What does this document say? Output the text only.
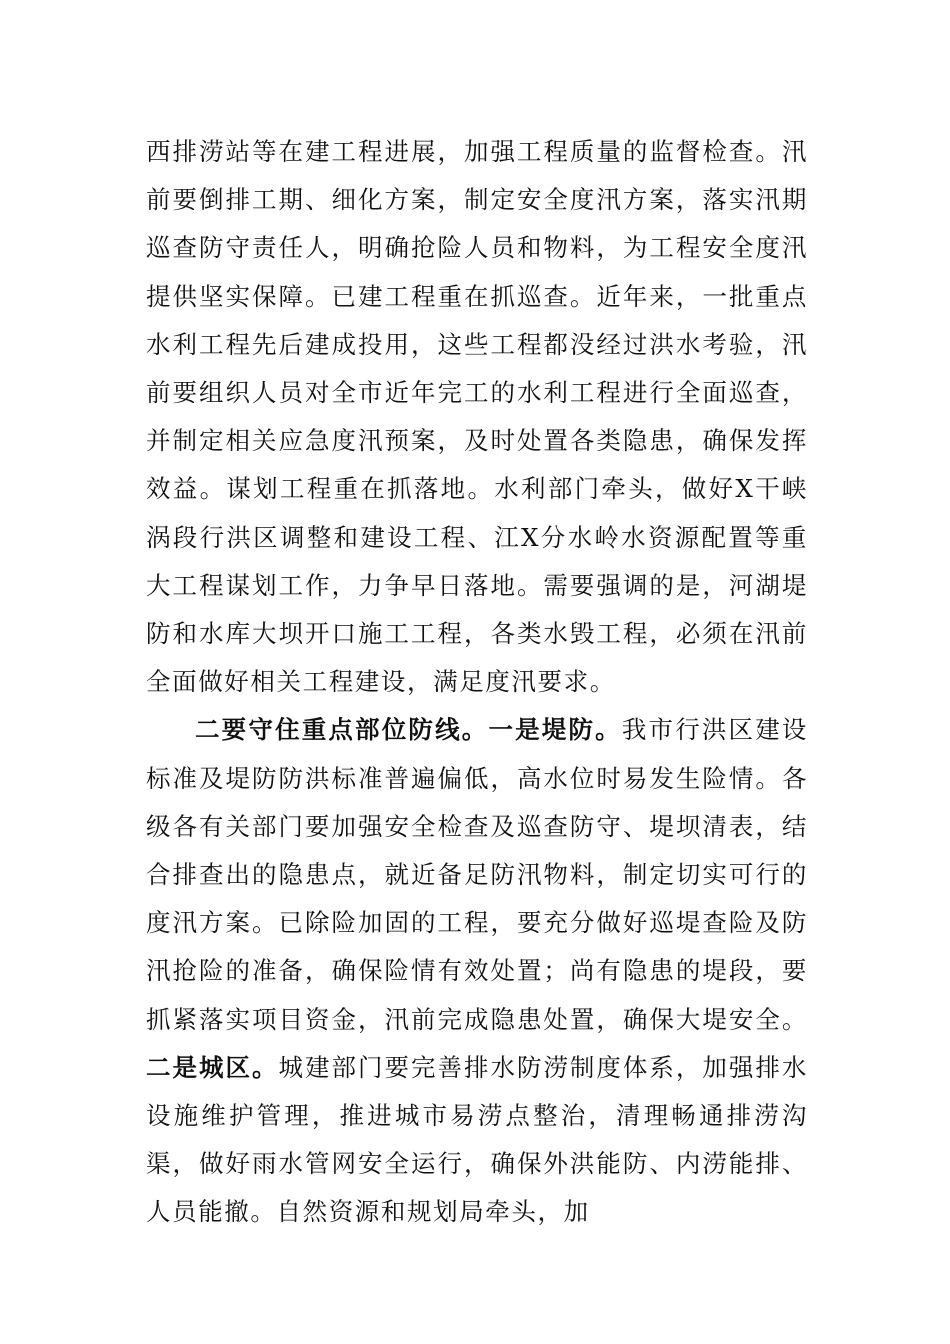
西排涝站等在建工程进展，加强工程质量的监督检查。汛前要倒排工期、细化方案，制定安全度汛方案，落实汛期巡查防守责任人，明确抢险人员和物料，为工程安全度汛提供坚实保障。已建工程重在抓巡查。近年来，一批重点水利工程先后建成投用，这些工程都没经过洪水考验，汛前要组织人员对全市近年完工的水利工程进行全面巡查，并制定相关应急度汛预案，及时处置各类隐患，确保发挥效益。谋划工程重在抓落地。水利部门牵头，做好X干峡涡段行洪区调整和建设工程、江X分水岭水资源配置等重大工程谋划工作，力争早日落地。需要强调的是，河湖堤防和水库大坝开口施工工程，各类水毁工程，必须在汛前全面做好相关工程建设，满足度汛要求。

二要守住重点部位防线。一是堤防。我市行洪区建设标准及堤防防洪标准普遍偏低，高水位时易发生险情。各级各有关部门要加强安全检查及巡查防守、堤坝清表，结合排查出的隐患点，就近备足防汛物料，制定切实可行的度汛方案。已除险加固的工程，要充分做好巡堤查险及防汛抢险的准备，确保险情有效处置；尚有隐患的堤段，要抓紧落实项目资金，汛前完成隐患处置，确保大堤安全。二是城区。城建部门要完善排水防涝制度体系，加强排水设施维护管理，推进城市易涝点整治，清理畅通排涝沟渠，做好雨水管网安全运行，确保外洪能防、内涝能排、人员能撤。自然资源和规划局牵头，加
